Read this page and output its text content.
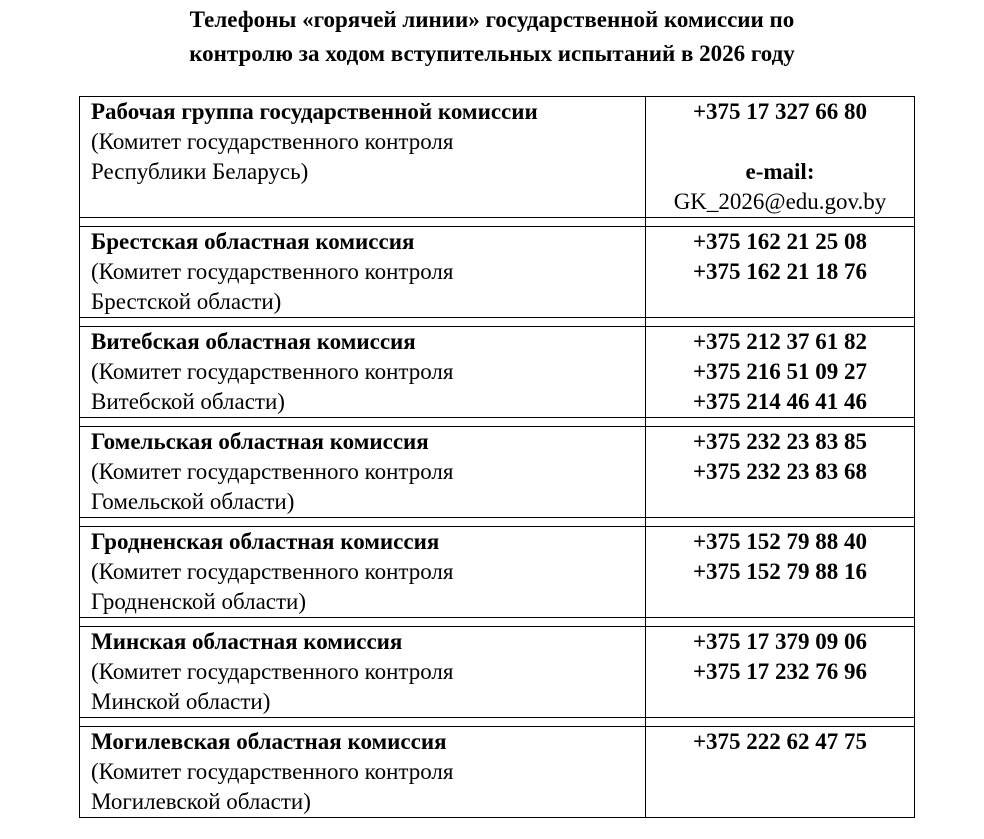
Телефоны «горячей линии» государственной комиссии по
контролю за ходом вступительных испытаний в 2026 году
Рабочая группа государственной комиссии
(Комитет государственного контроля
Республики Беларусь)	+375 17 327 66 80
e-mail:
GK_2026@edu.gov.by

Брестская областная комиссия
(Комитет государственного контроля
Брестской области)	+375 162 21 25 08
+375 162 21 18 76

Витебская областная комиссия
(Комитет государственного контроля
Витебской области)	+375 212 37 61 82
+375 216 51 09 27
+375 214 46 41 46

Гомельская областная комиссия
(Комитет государственного контроля
Гомельской области)	+375 232 23 83 85
+375 232 23 83 68

Гродненская областная комиссия
(Комитет государственного контроля
Гродненской области)	+375 152 79 88 40
+375 152 79 88 16

Минская областная комиссия
(Комитет государственного контроля
Минской области)	+375 17 379 09 06
+375 17 232 76 96

Могилевская областная комиссия
(Комитет государственного контроля
Могилевской области)	+375 222 62 47 75
